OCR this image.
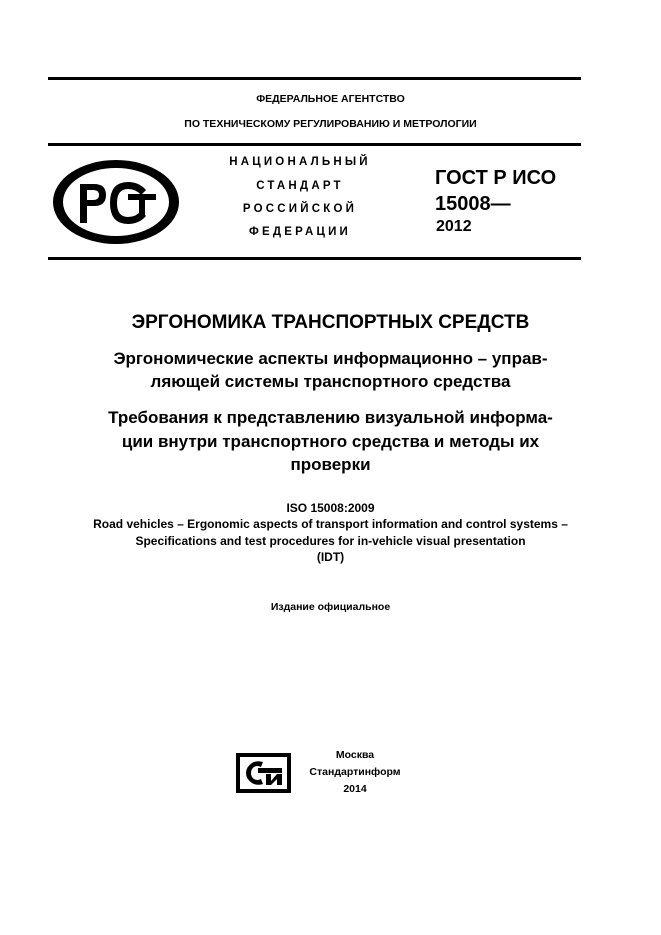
ФЕДЕРАЛЬНОЕ АГЕНТСТВО
ПО ТЕХНИЧЕСКОМУ РЕГУЛИРОВАНИЮ И МЕТРОЛОГИИ
НАЦИОНАЛЬНЫЙ
СТАНДАРТ
РОССИЙСКОЙ
ФЕДЕРАЦИИ
ГОСТ Р ИСО
15008—
2012
ЭРГОНОМИКА ТРАНСПОРТНЫХ СРЕДСТВ
Эргономические аспекты информационно – управ-
ляющей системы транспортного средства
Требования к представлению визуальной информа-
ции внутри транспортного средства и методы их
проверки
ISO 15008:2009
Road vehicles – Ergonomic aspects of transport information and control systems –
Specifications and test procedures for in-vehicle visual presentation
(IDT)
Издание официальное
Москва
Стандартинформ
2014
